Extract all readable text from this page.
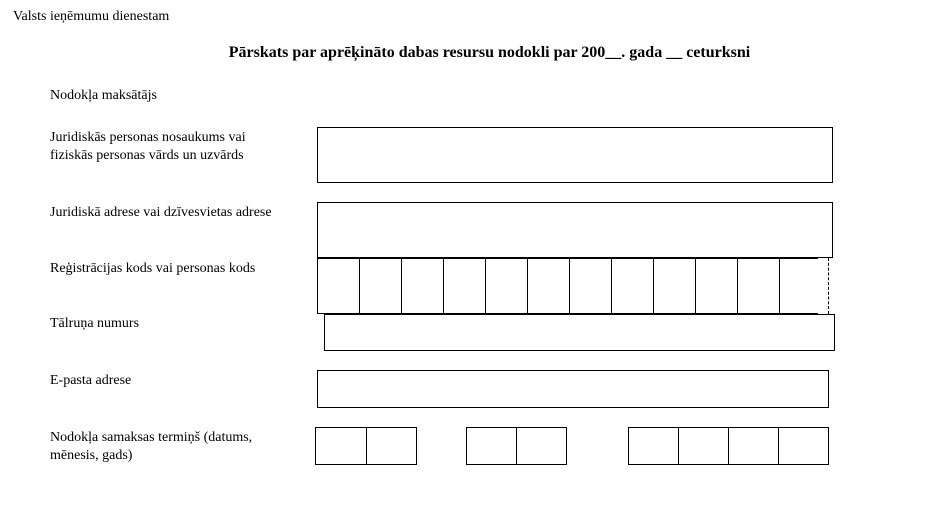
Valsts ieņēmumu dienestam
Pārskats par aprēķināto dabas resursu nodokli par 200__. gada __ ceturksni
Nodokļa maksātājs
Juridiskās personas nosaukums vai fiziskās personas vārds un uzvārds
Juridiskā adrese vai dzīvesvietas adrese
Reģistrācijas kods vai personas kods
Tālruņa numurs
E-pasta adrese
Nodokļa samaksas termiņš (datums, mēnesis, gads)
